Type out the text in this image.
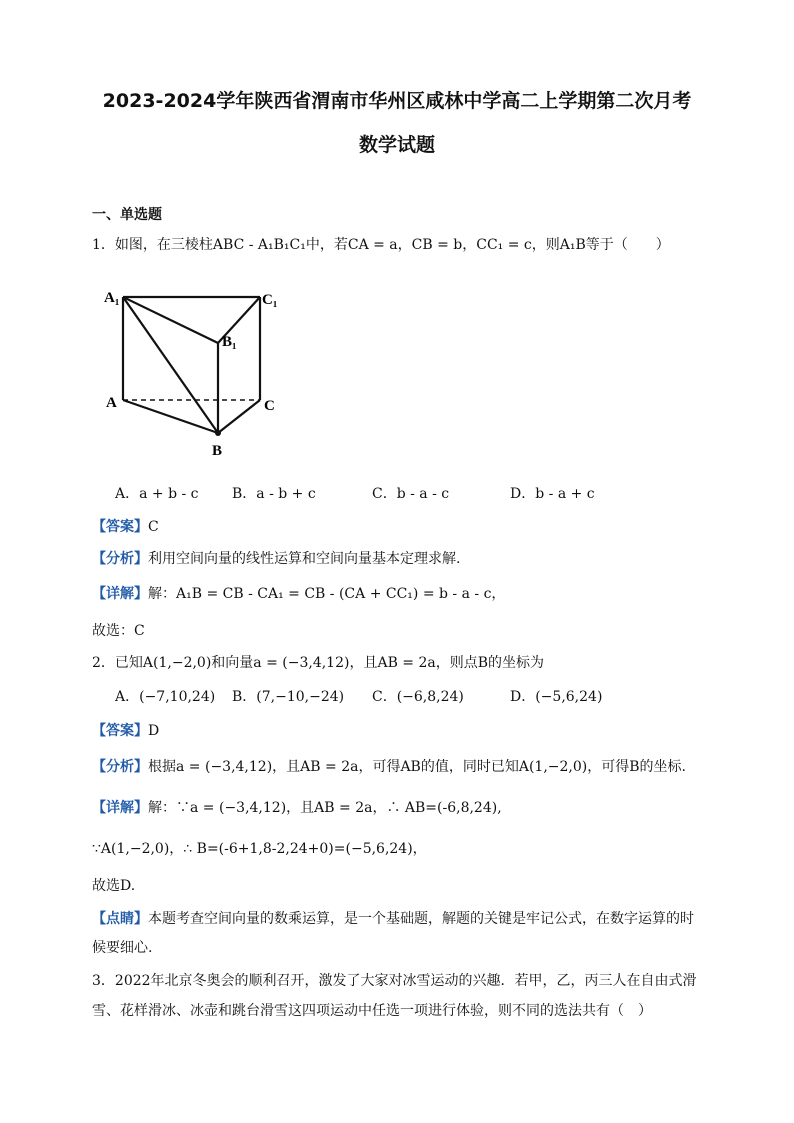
2023-2024学年陕西省渭南市华州区咸林中学高二上学期第二次月考
数学试题
一、单选题
1．如图，在三棱柱ABC - A₁B₁C₁中，若CA = a，CB = b，CC₁ = c，则A₁B等于（　　）
A₁	C₁
B₁
A	C
B
A．a + b - c B．a - b + c	C．b - a - c	D．b - a + c
【答案】C
【分析】利用空间向量的线性运算和空间向量基本定理求解.
【详解】解：A₁B = CB - CA₁ = CB - (CA + CC₁) = b - a - c，
故选：C
2．已知A(1,−2,0)和向量a = (−3,4,12)，且AB = 2a，则点B的坐标为
A．(−7,10,24) B．(7,−10,−24) C．(−6,8,24)	D．(−5,6,24)
【答案】D
【分析】根据a = (−3,4,12)，且AB = 2a，可得AB的值，同时已知A(1,−2,0)，可得B的坐标.
【详解】解：∵a = (−3,4,12)，且AB = 2a，∴ AB=(-6,8,24),
∵A(1,−2,0)，∴ B=(-6+1,8-2,24+0)=(−5,6,24)，
故选D.
【点睛】本题考查空间向量的数乘运算，是一个基础题，解题的关键是牢记公式，在数字运算的时
候要细心.
3．2022年北京冬奥会的顺利召开，激发了大家对冰雪运动的兴趣．若甲，乙，丙三人在自由式滑
雪、花样滑冰、冰壶和跳台滑雪这四项运动中任选一项进行体验，则不同的选法共有（　）
